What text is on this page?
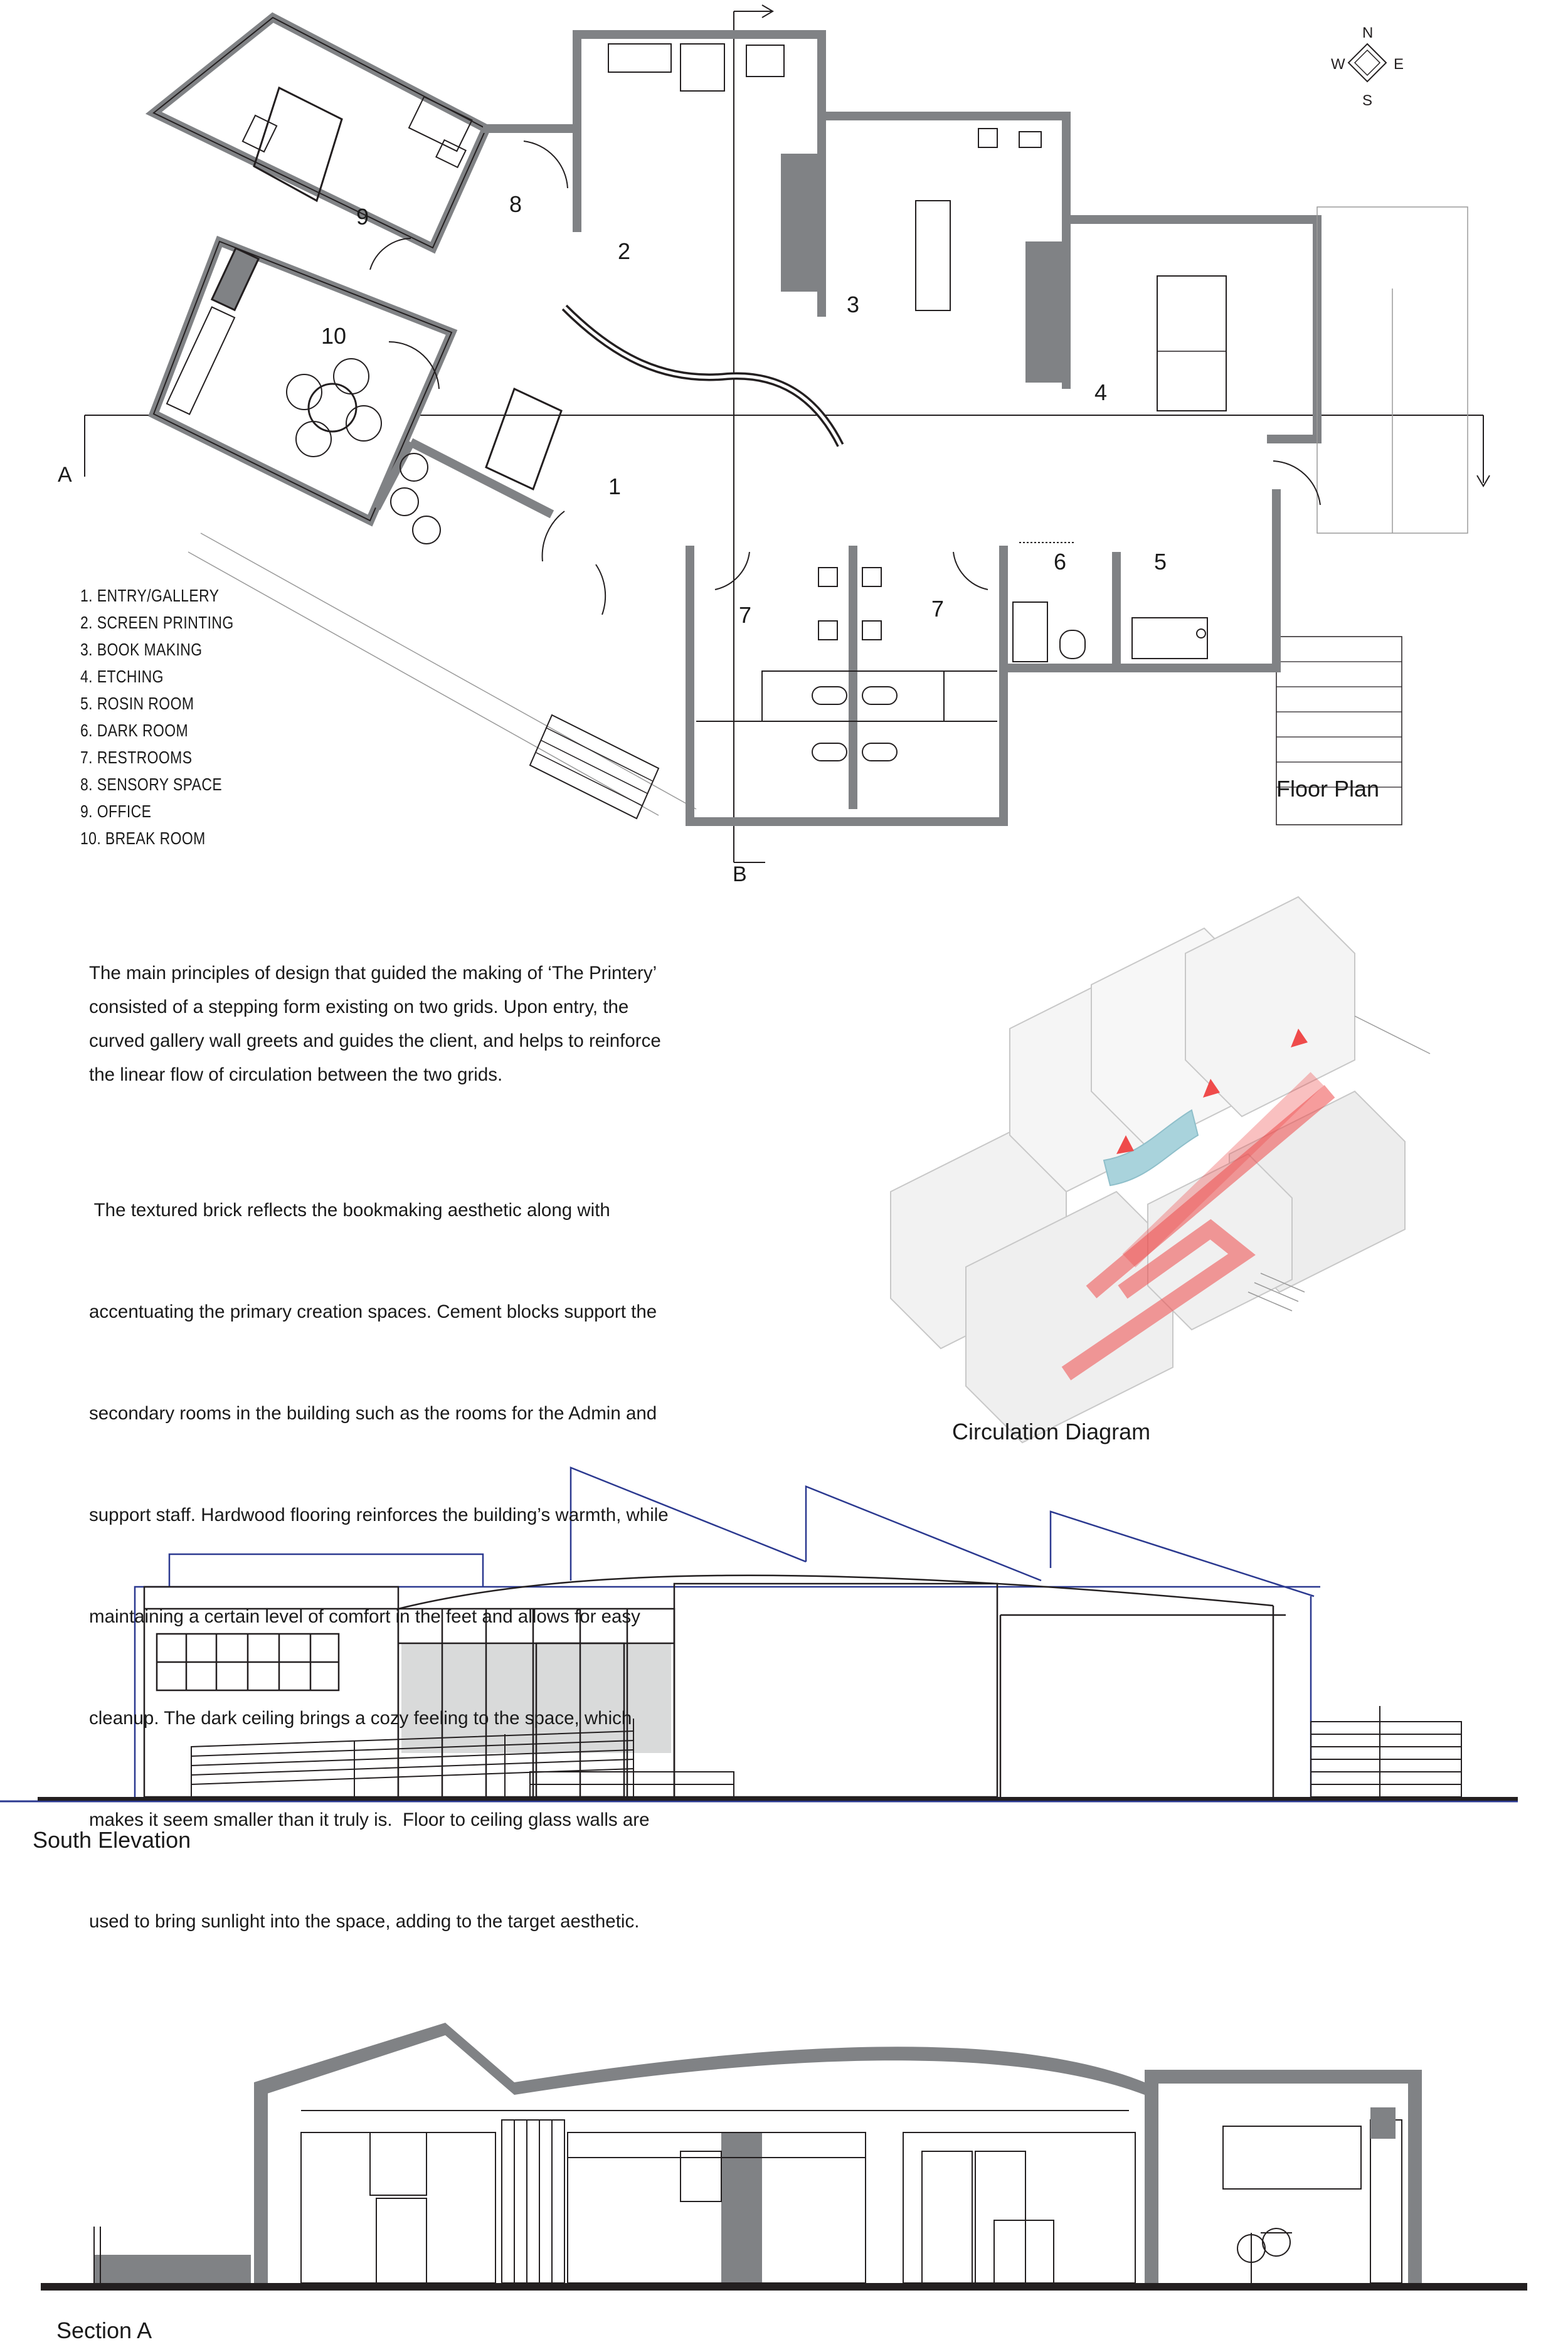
N
S
E
W
1
2
3
4
5
6
7	7
8
9
10
A
B
1. ENTRY/GALLERY
2. SCREEN PRINTING
3. BOOK MAKING
4. ETCHING
5. ROSIN ROOM
6. DARK ROOM
7. RESTROOMS
8. SENSORY SPACE
9. OFFICE
10. BREAK ROOM
Floor Plan
The main principles of design that guided the making of ‘The Printery’
consisted of a stepping form existing on two grids. Upon entry, the
curved gallery wall greets and guides the client, and helps to reinforce
the linear flow of circulation between the two grids.

The textured brick reflects the bookmaking aesthetic along with

accentuating the primary creation spaces. Cement blocks support the

secondary rooms in the building such as the rooms for the Admin and

support staff. Hardwood flooring reinforces the building’s warmth, while

maintaining a certain level of comfort in the feet and allows for easy

cleanup. The dark ceiling brings a cozy feeling to the space, which

makes it seem smaller than it truly is.  Floor to ceiling glass walls are

used to bring sunlight into the space, adding to the target aesthetic.

Circulation Diagram
South Elevation
Section A
